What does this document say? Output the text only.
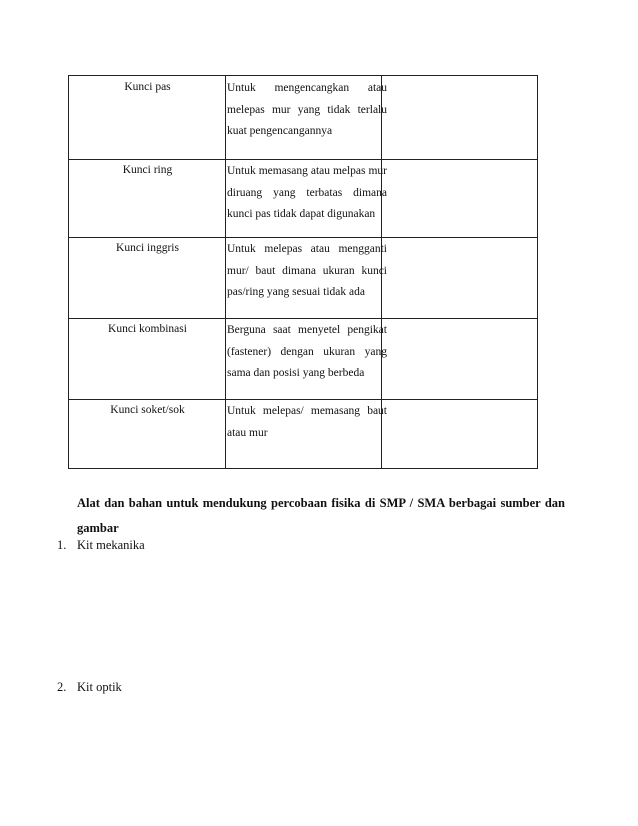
Kunci pas	Untuk mengencangkan atau melepas mur yang tidak terlalu kuat pengencangannya
Kunci ring	Untuk memasang atau melpas mur diruang yang terbatas dimana kunci pas tidak dapat digunakan
Kunci inggris	Untuk melepas atau mengganti mur/ baut dimana ukuran kunci pas/ring yang sesuai tidak ada
Kunci kombinasi	Berguna saat menyetel pengikat (fastener) dengan ukuran yang sama dan posisi yang berbeda
Kunci soket/sok	Untuk melepas/ memasang baut atau mur
Alat dan bahan untuk mendukung percobaan fisika di SMP / SMA berbagai sumber dan gambar
1. Kit mekanika
2. Kit optik
